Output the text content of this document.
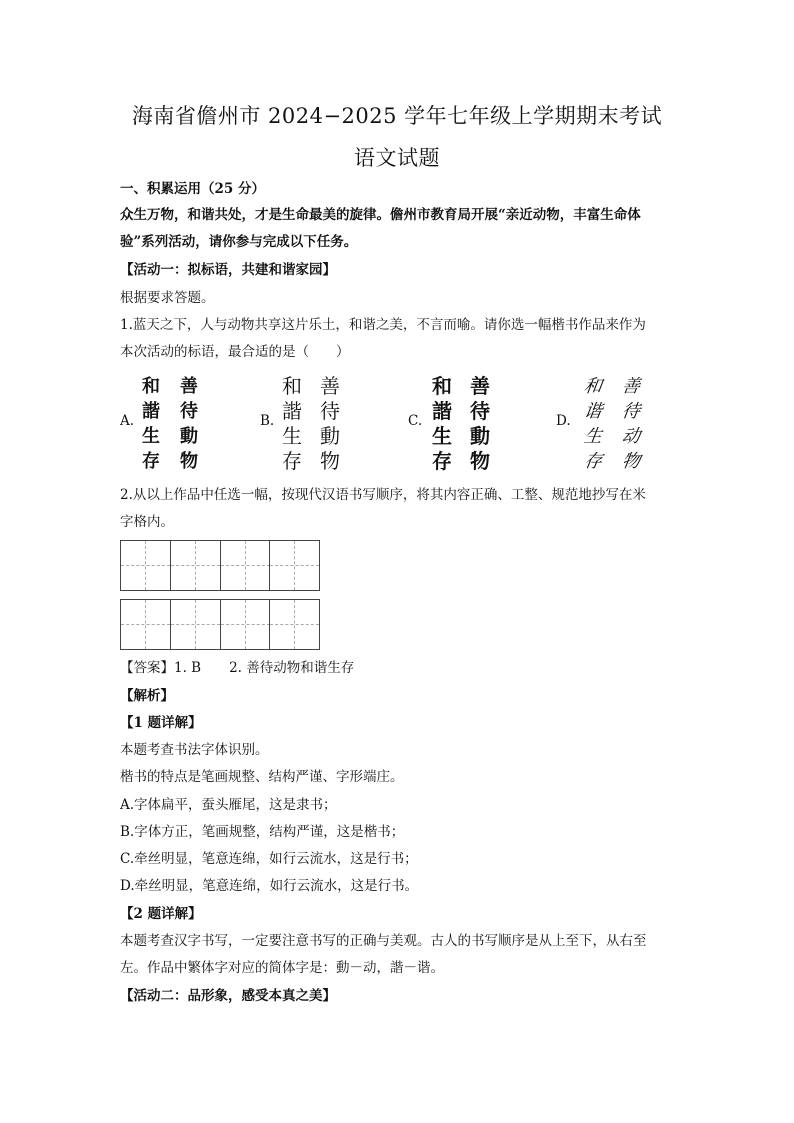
海南省儋州市 2024−2025 学年七年级上学期期末考试
语文试题
一、积累运用（25 分）
众生万物，和谐共处，才是生命最美的旋律。儋州市教育局开展“亲近动物，丰富生命体
验”系列活动，请你参与完成以下任务。
【活动一：拟标语，共建和谐家园】
根据要求答题。
1.蓝天之下，人与动物共享这片乐土，和谐之美，不言而喻。请你选一幅楷书作品来作为
本次活动的标语，最合适的是（　　）
A.
和	善
諧	待
生	動
存	物
B.
和 善
諧 待
生 動
存 物
C.
和 善
諧 待
生 動
存 物
D.
和 善
谐 待
生 动
存 物
2.从以上作品中任选一幅，按现代汉语书写顺序，将其内容正确、工整、规范地抄写在米
字格内。
【答案】1. B 2. 善待动物和谐生存
【解析】
【1 题详解】
本题考查书法字体识别。
楷书的特点是笔画规整、结构严谨、字形端庄。
A.字体扁平，蚕头雁尾，这是隶书；
B.字体方正，笔画规整，结构严谨，这是楷书；
C.牵丝明显，笔意连绵，如行云流水，这是行书；
D.牵丝明显，笔意连绵，如行云流水，这是行书。
【2 题详解】
本题考查汉字书写，一定要注意书写的正确与美观。古人的书写顺序是从上至下，从右至
左。作品中繁体字对应的简体字是：動－动，諧－谐。
【活动二：品形象，感受本真之美】
